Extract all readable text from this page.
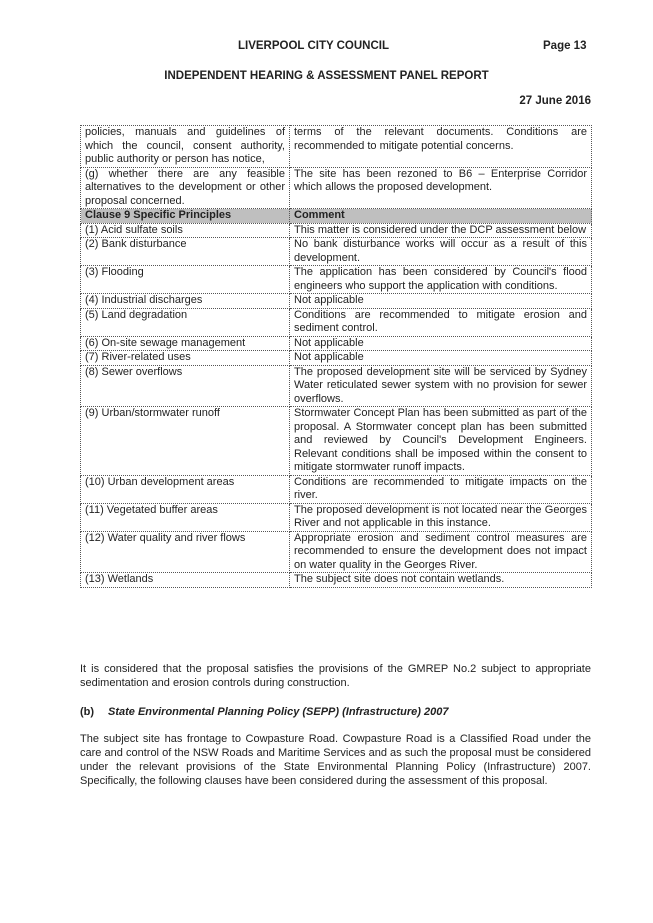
LIVERPOOL CITY COUNCIL	Page 13
INDEPENDENT HEARING & ASSESSMENT PANEL REPORT
27 June 2016
policies, manuals and guidelines of which the council, consent authority, public authority or person has notice,	terms of the relevant documents. Conditions are recommended to mitigate potential concerns.
(g) whether there are any feasible alternatives to the development or other proposal concerned.	The site has been rezoned to B6 – Enterprise Corridor which allows the proposed development.
Clause 9 Specific Principles	Comment
(1) Acid sulfate soils	This matter is considered under the DCP assessment below
(2) Bank disturbance	No bank disturbance works will occur as a result of this development.
(3) Flooding	The application has been considered by Council's flood engineers who support the application with conditions.
(4) Industrial discharges	Not applicable
(5) Land degradation	Conditions are recommended to mitigate erosion and sediment control.
(6) On-site sewage management	Not applicable
(7) River-related uses	Not applicable
(8) Sewer overflows	The proposed development site will be serviced by Sydney Water reticulated sewer system with no provision for sewer overflows.
(9) Urban/stormwater runoff	Stormwater Concept Plan has been submitted as part of the proposal. A Stormwater concept plan has been submitted and reviewed by Council's Development Engineers. Relevant conditions shall be imposed within the consent to mitigate stormwater runoff impacts.
(10) Urban development areas	Conditions are recommended to mitigate impacts on the river.
(11) Vegetated buffer areas	The proposed development is not located near the Georges River and not applicable in this instance.
(12) Water quality and river flows	Appropriate erosion and sediment control measures are recommended to ensure the development does not impact on water quality in the Georges River.
(13) Wetlands	The subject site does not contain wetlands.
It is considered that the proposal satisfies the provisions of the GMREP No.2 subject to appropriate sedimentation and erosion controls during construction.
(b) State Environmental Planning Policy (SEPP) (Infrastructure) 2007
The subject site has frontage to Cowpasture Road. Cowpasture Road is a Classified Road under the care and control of the NSW Roads and Maritime Services and as such the proposal must be considered under the relevant provisions of the State Environmental Planning Policy (Infrastructure) 2007. Specifically, the following clauses have been considered during the assessment of this proposal.
